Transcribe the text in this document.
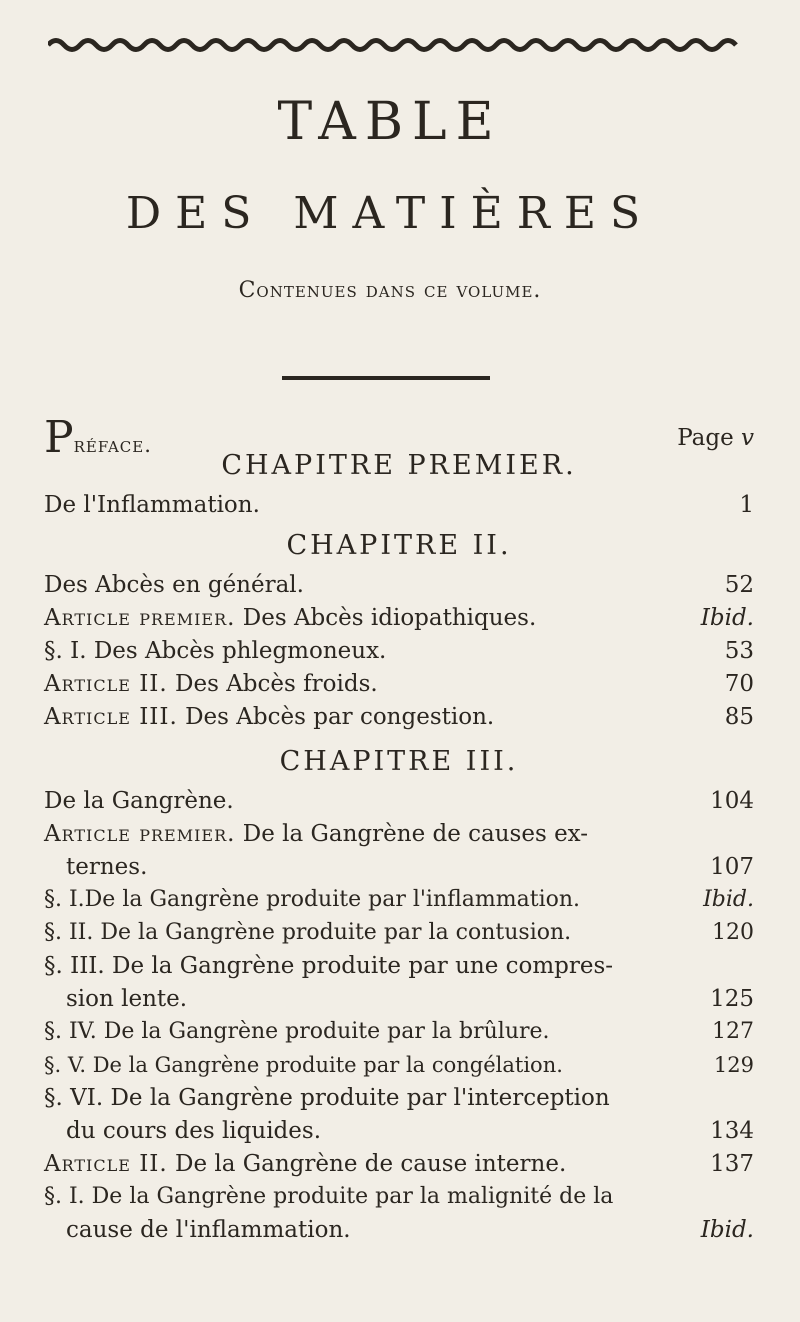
TABLE
DES MATIÈRES
Contenues dans ce volume.
Préface.	Page v
CHAPITRE PREMIER.
De l'Inflammation.	1
CHAPITRE II.
Des Abcès en général.	52
Article premier. Des Abcès idiopathiques.	Ibid.
§. I. Des Abcès phlegmoneux.	53
Article II. Des Abcès froids.	70
Article III. Des Abcès par congestion.	85
CHAPITRE III.
De la Gangrène.	104
Article premier. De la Gangrène de causes ex-
ternes.	107
§. I.De la Gangrène produite par l'inflammation.	Ibid.
§. II. De la Gangrène produite par la contusion.	120
§. III. De la Gangrène produite par une compres-
sion lente.	125
§. IV. De la Gangrène produite par la brûlure.	127
§. V. De la Gangrène produite par la congélation.	129
§. VI. De la Gangrène produite par l'interception
du cours des liquides.	134
Article II. De la Gangrène de cause interne.	137
§. I. De la Gangrène produite par la malignité de la
cause de l'inflammation.	Ibid.
